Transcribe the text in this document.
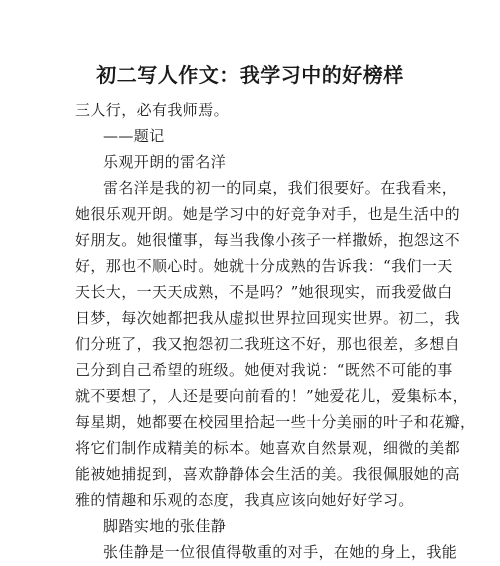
初二写人作文：我学习中的好榜样
三人行，必有我师焉。
——题记
乐观开朗的雷名洋
雷名洋是我的初一的同桌，我们很要好。在我看来，
她很乐观开朗。她是学习中的好竞争对手，也是生活中的
好朋友。她很懂事，每当我像小孩子一样撒娇，抱怨这不
好，那也不顺心时。她就十分成熟的告诉我：“我们一天
天长大，一天天成熟，不是吗？”她很现实，而我爱做白
日梦，每次她都把我从虚拟世界拉回现实世界。初二，我
们分班了，我又抱怨初二我班这不好，那也很差，多想自
己分到自己希望的班级。她便对我说：“既然不可能的事
就不要想了，人还是要向前看的！”她爱花儿，爱集标本，
每星期，她都要在校园里拾起一些十分美丽的叶子和花瓣，
将它们制作成精美的标本。她喜欢自然景观，细微的美都
能被她捕捉到，喜欢静静体会生活的美。我很佩服她的高
雅的情趣和乐观的态度，我真应该向她好好学习。
脚踏实地的张佳静
张佳静是一位很值得敬重的对手，在她的身上，我能
